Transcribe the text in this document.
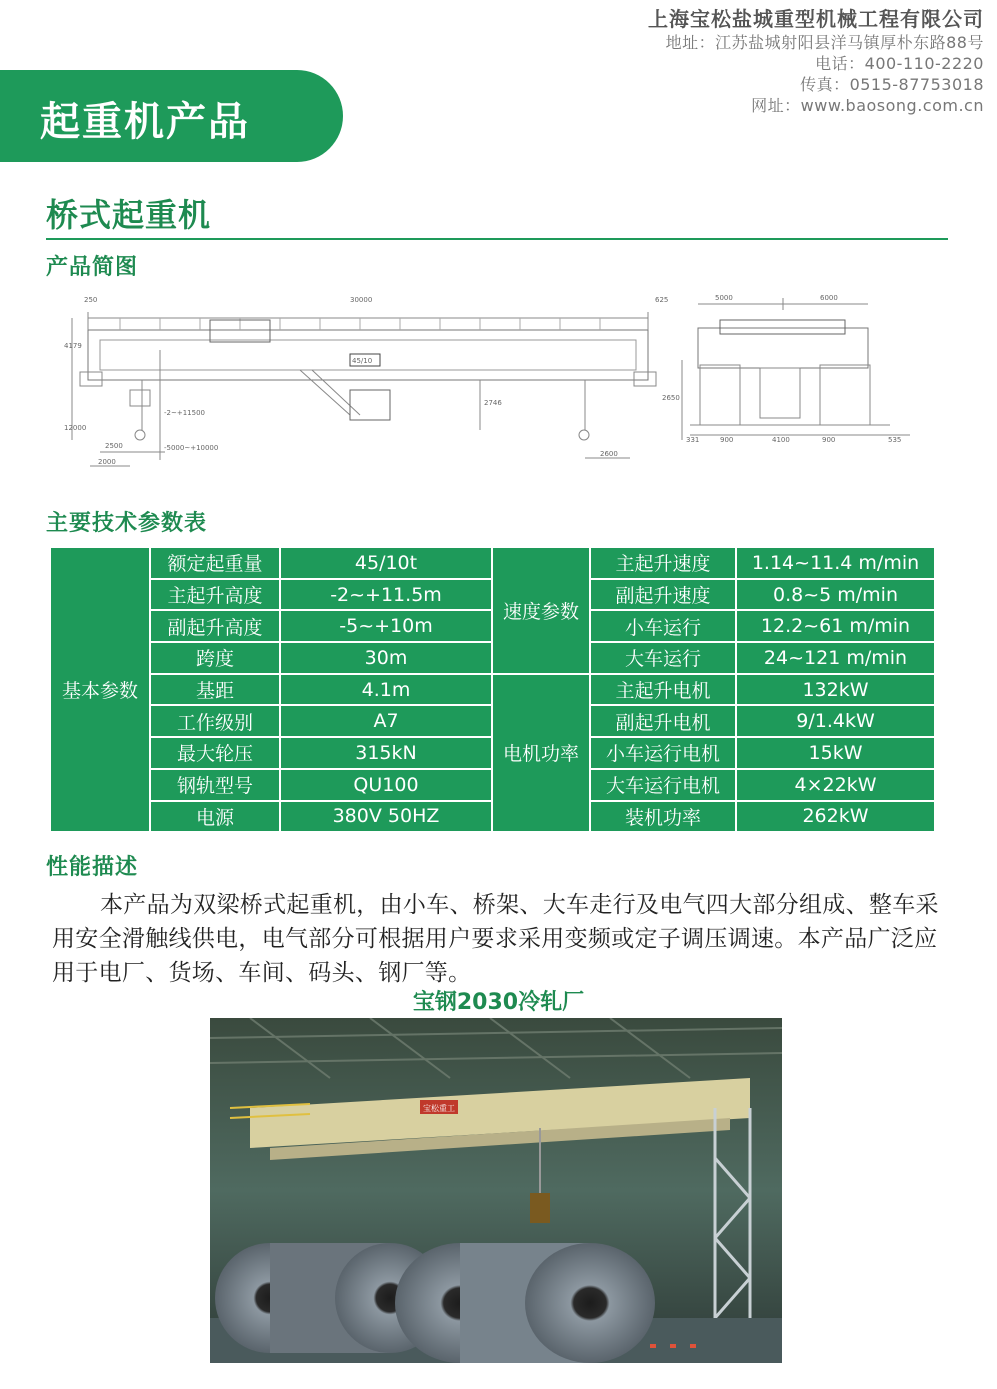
上海宝松盐城重型机械工程有限公司
地址：江苏盐城射阳县洋马镇厚朴东路88号
电话：400-110-2220
传真：0515-87753018
网址：www.baosong.com.cn
起重机产品
桥式起重机
产品简图
250	30000	625	5000	6000
4179
12000
2500
2000
-2~+11500
-5000~+10000
2746
2600
2650
331	900	4100	900	535
45/10
主要技术参数表
基本参数	额定起重量	45/10t	速度参数	主起升速度	1.14~11.4 m/min
	主起升高度	-2~+11.5m		副起升速度	0.8~5 m/min
	副起升高度	-5~+10m		小车运行	12.2~61 m/min
	跨度	30m		大车运行	24~121 m/min
	基距	4.1m	电机功率	主起升电机	132kW
	工作级别	A7		副起升电机	9/1.4kW
	最大轮压	315kN		小车运行电机	15kW
	钢轨型号	QU100		大车运行电机	4×22kW
	电源	380V 50HZ		装机功率	262kW
性能描述

本产品为双梁桥式起重机，由小车、桥架、大车走行及电气四大部分组成、整车采用安全滑触线供电，电气部分可根据用户要求采用变频或定子调压调速。本产品广泛应用于电厂、货场、车间、码头、钢厂等。

宝钢2030冷轧厂
宝松重工
